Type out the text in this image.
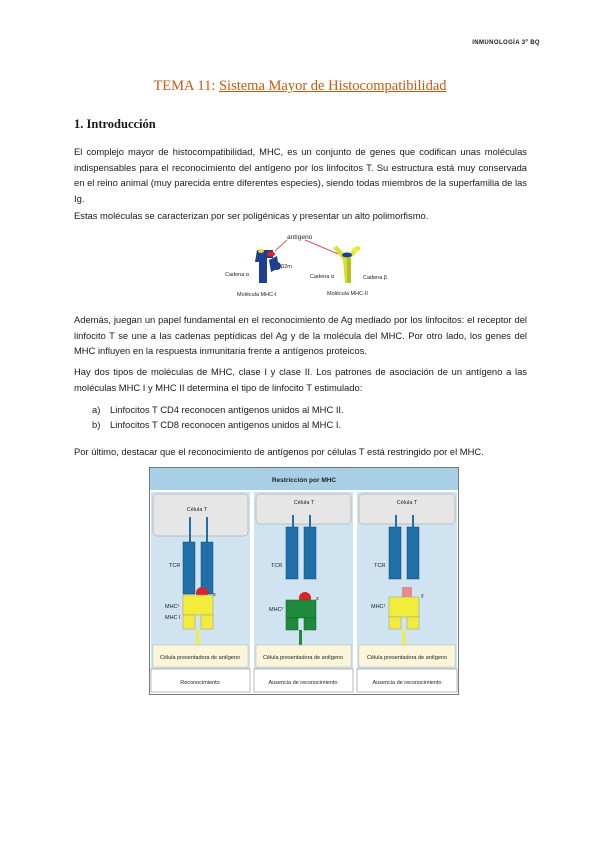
INMUNOLOGÍA 3º BQ
TEMA 11: Sistema Mayor de Histocompatibilidad
1. Introducción
El complejo mayor de histocompatibilidad, MHC, es un conjunto de genes que codifican unas moléculas indispensables para el reconocimiento del antígeno por los linfocitos T. Su estructura está muy conservada en el reino animal (muy parecida entre diferentes especies), siendo todas miembros de la superfamilia de las Ig.
Estas moléculas se caracterizan por ser poligénicas y presentar un alto polimorfismo.
antígeno
Cadena α
β2m
Molécula MHC-I
Cadena α	Cadena β
Molécula MHC-II
Además, juegan un papel fundamental en el reconocimiento de Ag mediado por los linfocitos: el receptor del linfocito T se une a las cadenas peptídicas del Ag y de la molécula del MHC. Por otro lado, los genes del MHC influyen en la respuesta inmunitaria frente a antígenos proteicos.
Hay dos tipos de moléculas de MHC, clase I y clase II. Los patrones de asociación de un antígeno a las moléculas MHC I y MHC II determina el tipo de linfocito T estimulado:
a) Linfocitos T CD4 reconocen antígenos unidos al MHC II.
b) Linfocitos T CD8 reconocen antígenos unidos al MHC I.
Por último, destacar que el reconocimiento de antígenos por células T está restringido por el MHC.
Restricción por MHC
Célula T
TCR
x
MHC¹
MHC I
Célula presentadora de antígeno
Reconocimiento
Célula T
TCR
x
MHC²
Célula presentadora de antígeno
Ausencia de reconocimiento
Célula T
TCR
y
MHC¹
Célula presentadora de antígeno
Ausencia de reconocimiento
